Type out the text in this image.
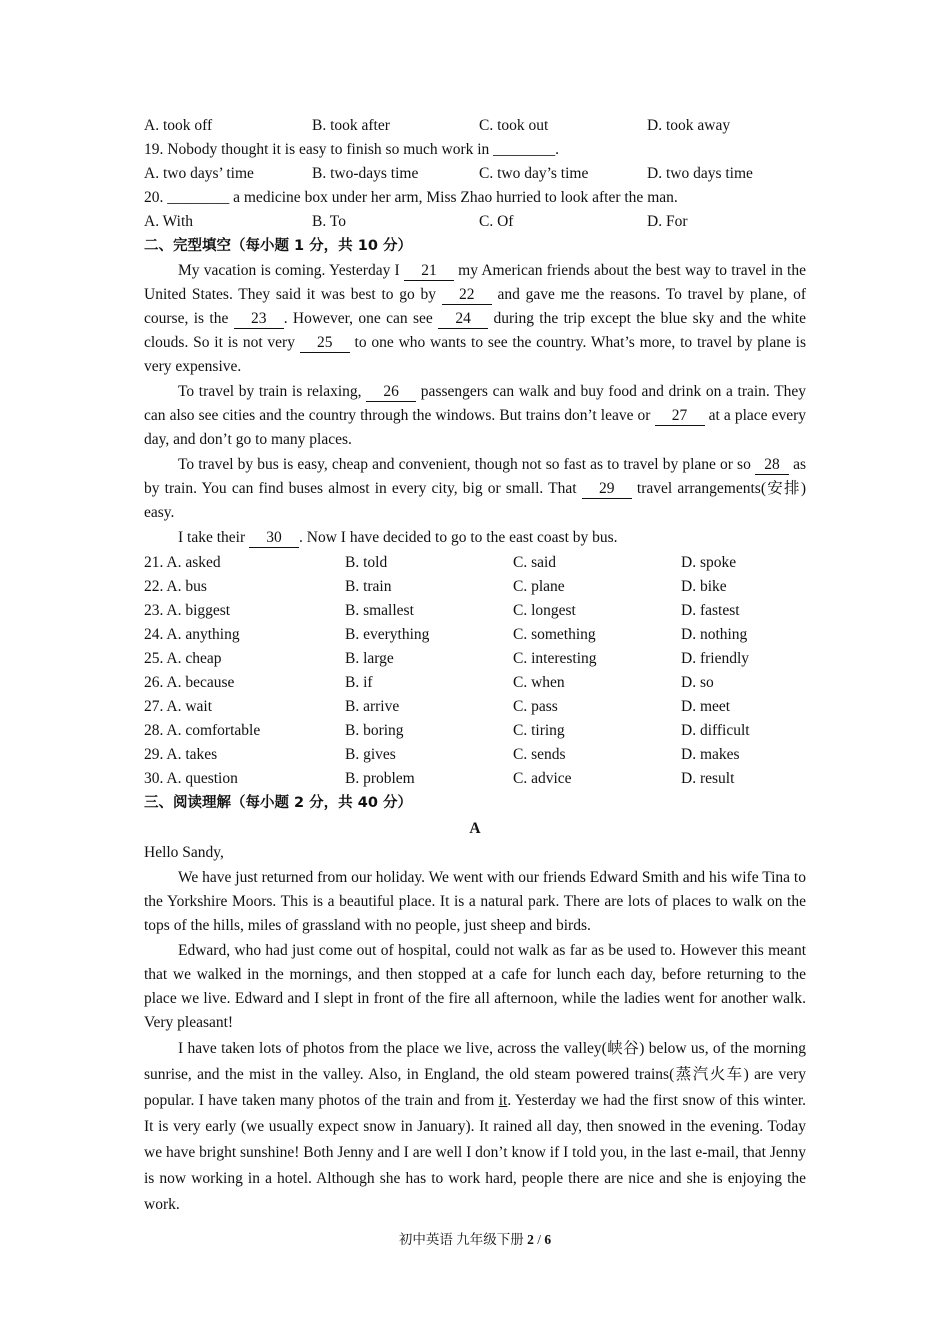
A. took off	B. took after	C. took out	D. took away
19. Nobody thought it is easy to finish so much work in ________.
A. two days’ time	B. two-days time	C. two day’s time	D. two days time
20. ________ a medicine box under her arm, Miss Zhao hurried to look after the man.
A. With	B. To	C. Of	D. For
二、完型填空（每小题 1 分，共 10 分）
My vacation is coming. Yesterday I 21 my American friends about the best way to travel in the United States. They said it was best to go by 22 and gave me the reasons. To travel by plane, of course, is the 23 . However, one can see 24 during the trip except the blue sky and the white clouds. So it is not very 25 to one who wants to see the country. What’s more, to travel by plane is very expensive.
To travel by train is relaxing, 26 passengers can walk and buy food and drink on a train. They can also see cities and the country through the windows. But trains don’t leave or 27 at a place every day, and don’t go to many places.
To travel by bus is easy, cheap and convenient, though not so fast as to travel by plane or so 28 as by train. You can find buses almost in every city, big or small. That 29 travel arrangements(安排) easy.
I take their 30 . Now I have decided to go to the east coast by bus.
21. A. asked	B. told	C. said	D. spoke
22. A. bus	B. train	C. plane	D. bike
23. A. biggest	B. smallest	C. longest	D. fastest
24. A. anything	B. everything	C. something	D. nothing
25. A. cheap	B. large	C. interesting	D. friendly
26. A. because	B. if	C. when	D. so
27. A. wait	B. arrive	C. pass	D. meet
28. A. comfortable	B. boring	C. tiring	D. difficult
29. A. takes	B. gives	C. sends	D. makes
30. A. question	B. problem	C. advice	D. result
三、阅读理解（每小题 2 分，共 40 分）
A
Hello Sandy,
We have just returned from our holiday. We went with our friends Edward Smith and his wife Tina to the Yorkshire Moors. This is a beautiful place. It is a natural park. There are lots of places to walk on the tops of the hills, miles of grassland with no people, just sheep and birds.
Edward, who had just come out of hospital, could not walk as far as be used to. However this meant that we walked in the mornings, and then stopped at a cafe for lunch each day, before returning to the place we live. Edward and I slept in front of the fire all afternoon, while the ladies went for another walk. Very pleasant!
I have taken lots of photos from the place we live, across the valley(峡谷) below us, of the morning sunrise, and the mist in the valley. Also, in England, the old steam powered trains(蒸汽火车) are very popular. I have taken many photos of the train and from it. Yesterday we had the first snow of this winter. It is very early (we usually expect snow in January). It rained all day, then snowed in the evening. Today we have bright sunshine! Both Jenny and I are well I don’t know if I told you, in the last e-mail, that Jenny is now working in a hotel. Although she has to work hard, people there are nice and she is enjoying the work.
初中英语 九年级下册 2 / 6
